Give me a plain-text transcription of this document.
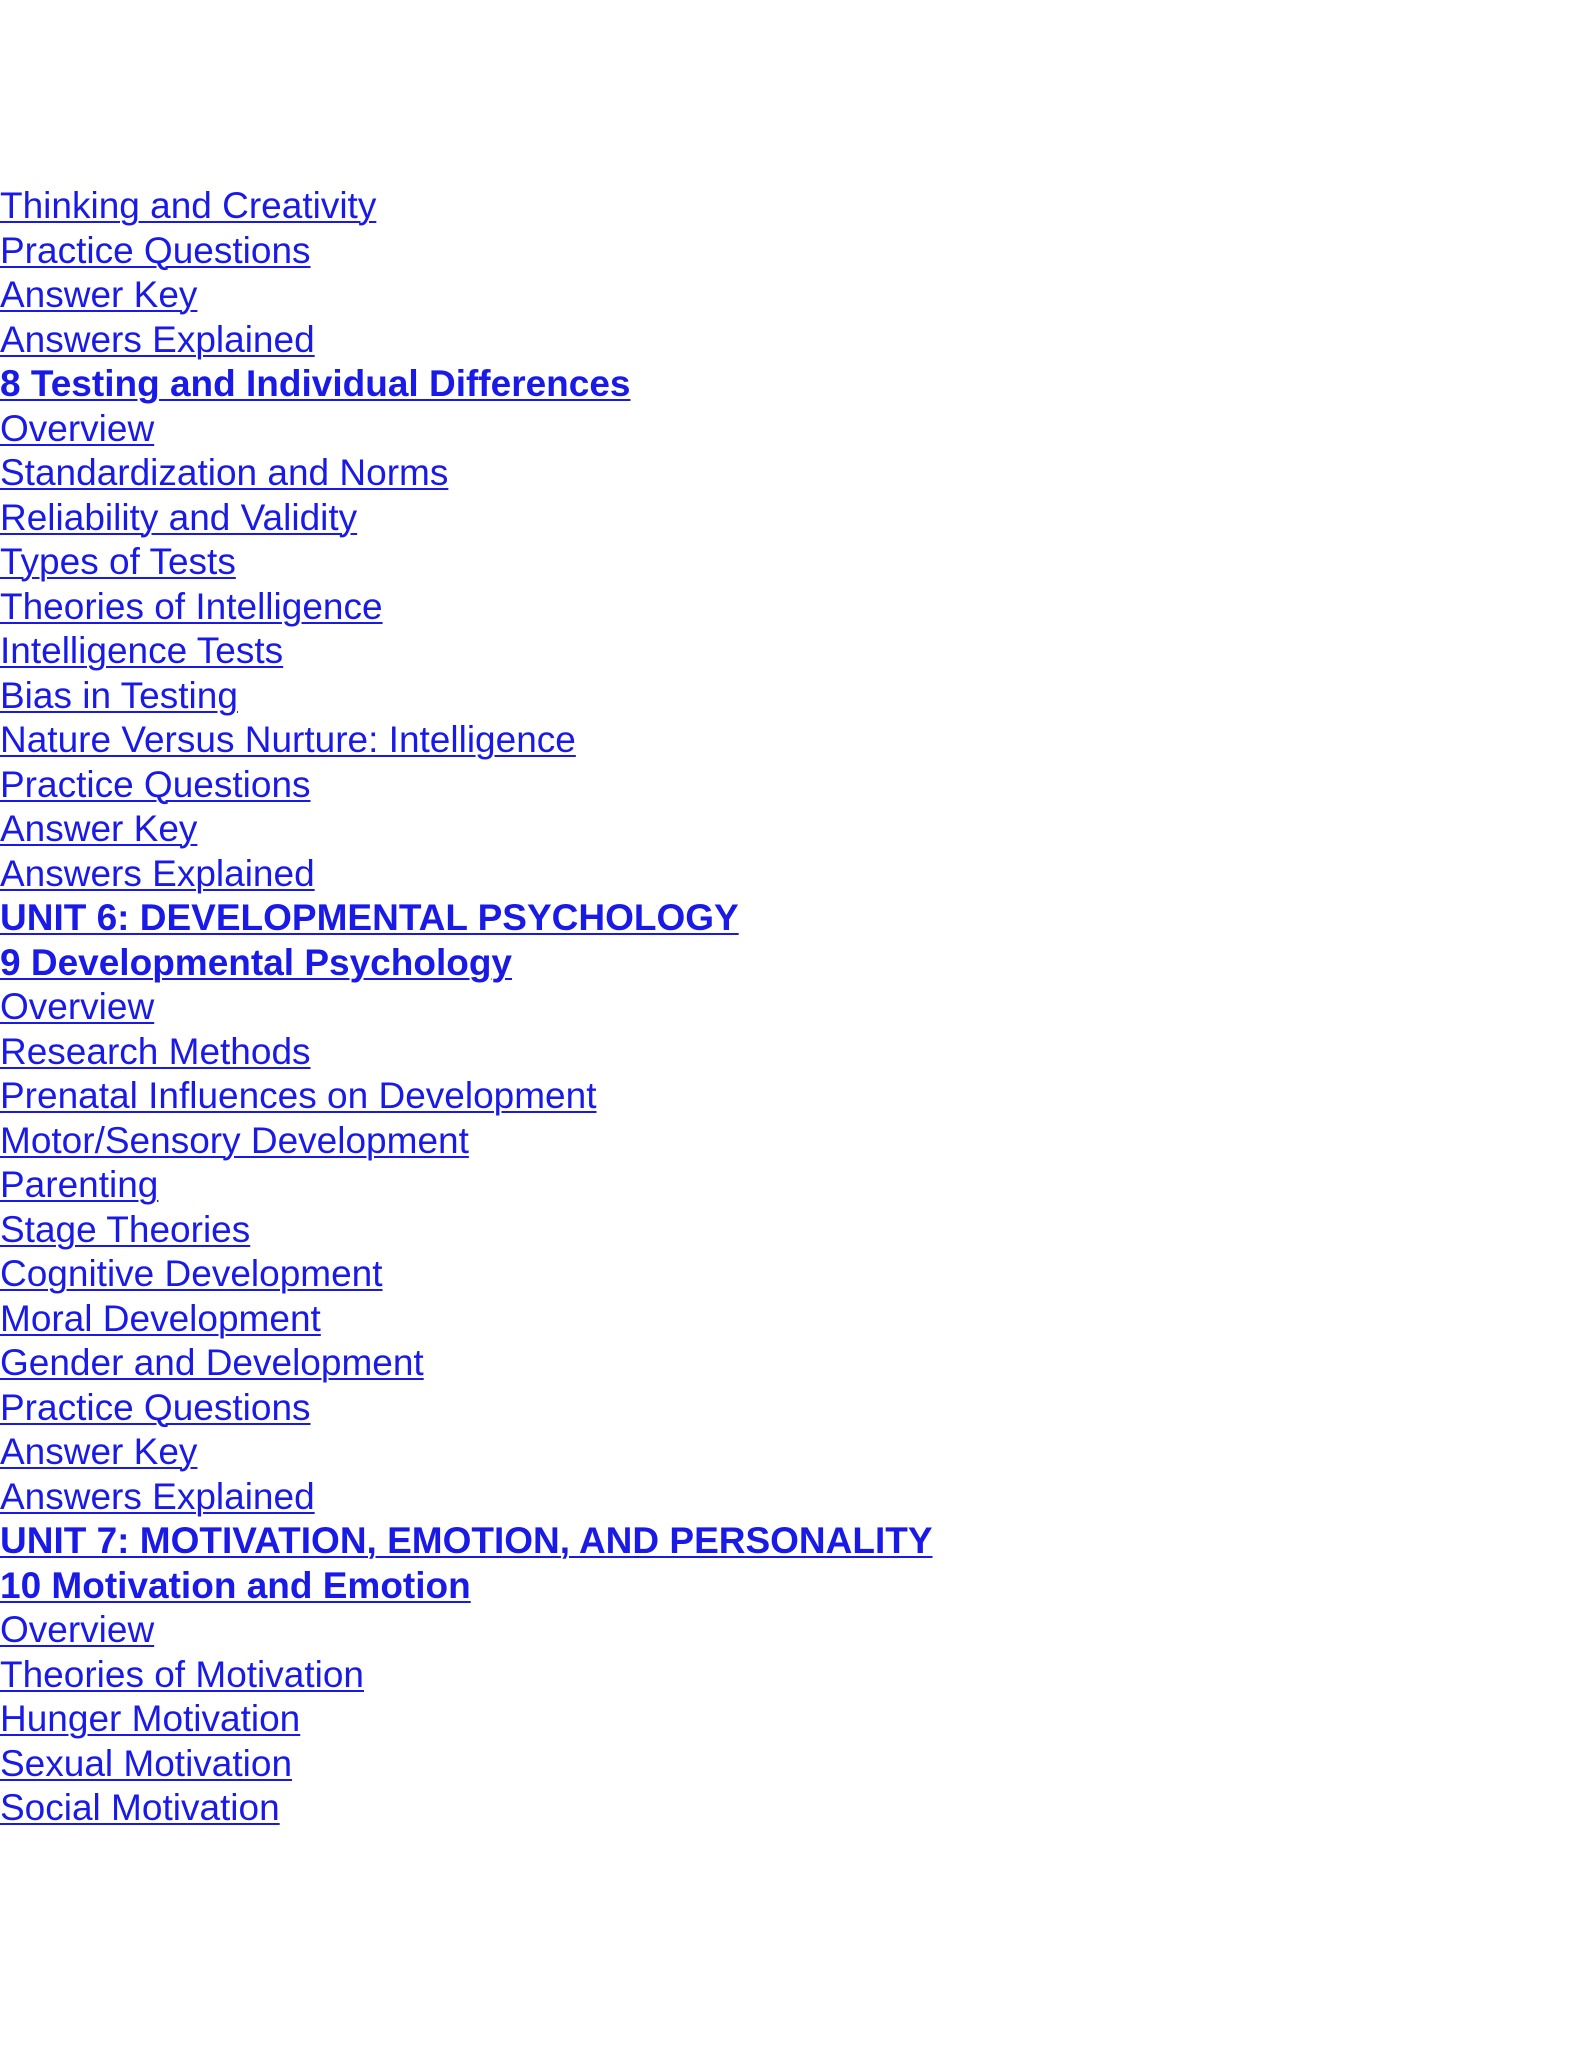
Thinking and Creativity
Practice Questions
Answer Key
Answers Explained
8 Testing and Individual Differences
Overview
Standardization and Norms
Reliability and Validity
Types of Tests
Theories of Intelligence
Intelligence Tests
Bias in Testing
Nature Versus Nurture: Intelligence
Practice Questions
Answer Key
Answers Explained
UNIT 6: DEVELOPMENTAL PSYCHOLOGY
9 Developmental Psychology
Overview
Research Methods
Prenatal Influences on Development
Motor/Sensory Development
Parenting
Stage Theories
Cognitive Development
Moral Development
Gender and Development
Practice Questions
Answer Key
Answers Explained
UNIT 7: MOTIVATION, EMOTION, AND PERSONALITY
10 Motivation and Emotion
Overview
Theories of Motivation
Hunger Motivation
Sexual Motivation
Social Motivation
